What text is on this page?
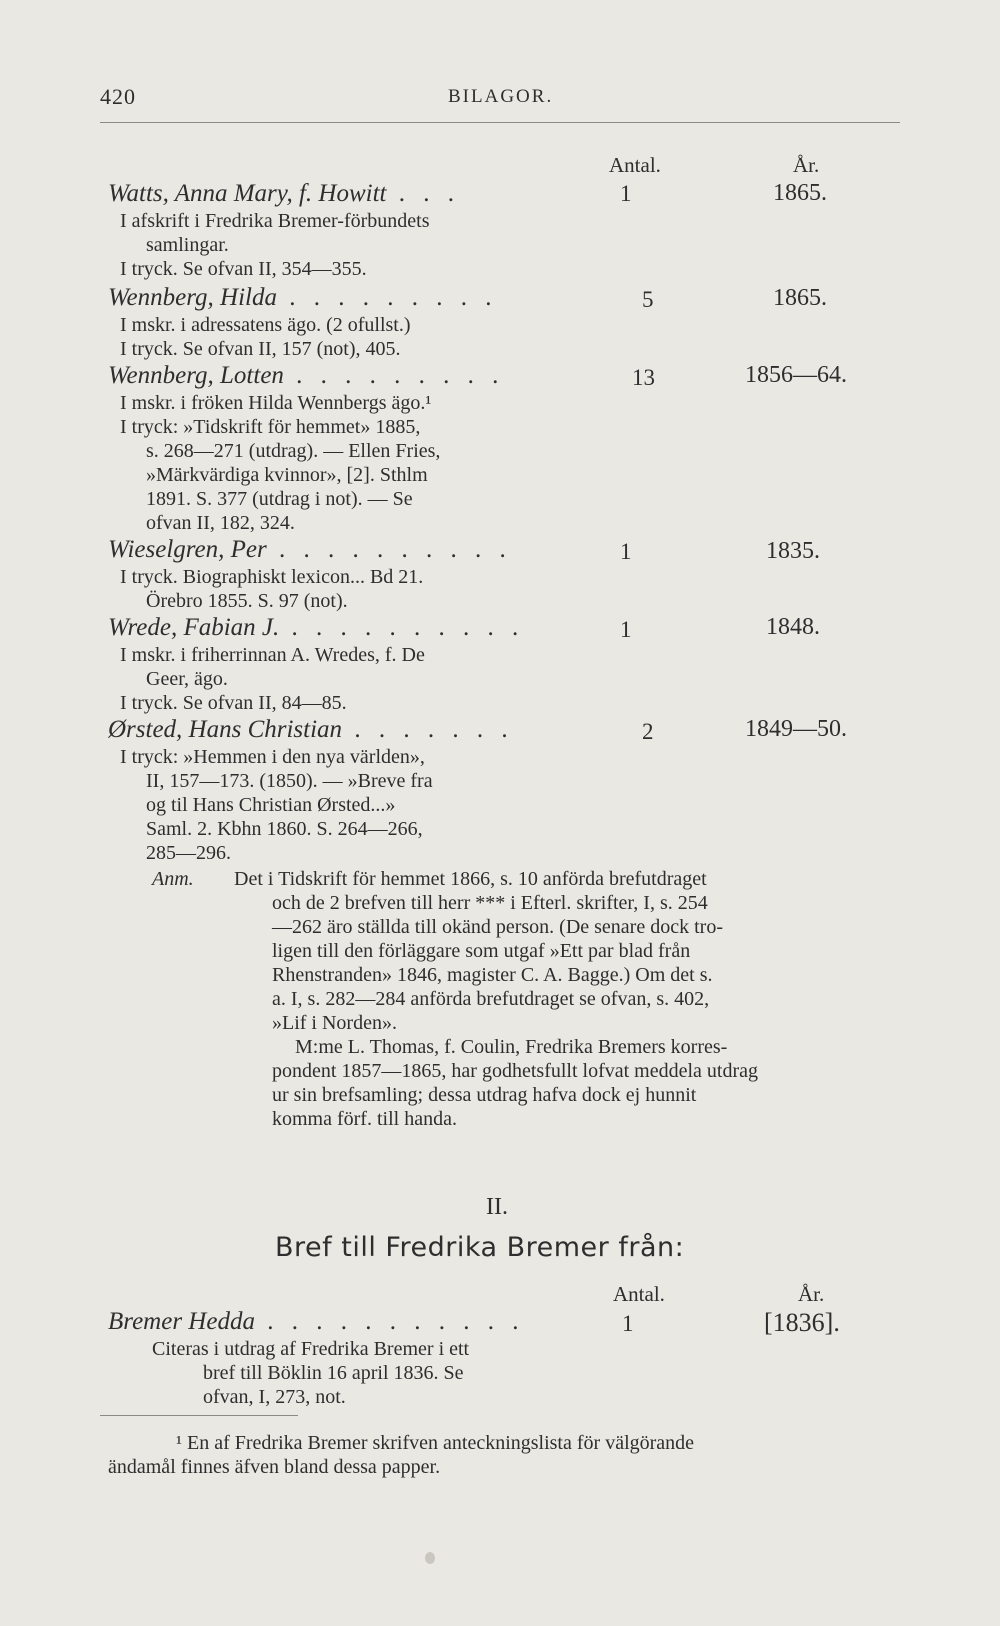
420	BILAGOR.
Antal.	År.
Watts, Anna Mary, f. Howitt . . .	1	1865.
I afskrift i Fredrika Bremer-förbundets
samlingar.
I tryck. Se ofvan II, 354—355.
Wennberg, Hilda . . . . . . . . .	5	1865.
I mskr. i adressatens ägo. (2 ofullst.)
I tryck. Se ofvan II, 157 (not), 405.
Wennberg, Lotten . . . . . . . . .	13	1856—64.
I mskr. i fröken Hilda Wennbergs ägo.¹
I tryck: »Tidskrift för hemmet» 1885,
s. 268—271 (utdrag). — Ellen Fries,
»Märkvärdiga kvinnor», [2]. Sthlm
1891. S. 377 (utdrag i not). — Se
ofvan II, 182, 324.
Wieselgren, Per . . . . . . . . . .	1	1835.
I tryck. Biographiskt lexicon... Bd 21.
Örebro 1855. S. 97 (not).
Wrede, Fabian J. . . . . . . . . . .	1	1848.
I mskr. i friherrinnan A. Wredes, f. De
Geer, ägo.
I tryck. Se ofvan II, 84—85.
Ørsted, Hans Christian . . . . . . .	2	1849—50.
I tryck: »Hemmen i den nya världen»,
II, 157—173. (1850). — »Breve fra
og til Hans Christian Ørsted...»
Saml. 2. Kbhn 1860. S. 264—266,
285—296.
Anm. Det i Tidskrift för hemmet 1866, s. 10 anförda brefutdraget
och de 2 brefven till herr *** i Efterl. skrifter, I, s. 254
—262 äro ställda till okänd person. (De senare dock tro-
ligen till den förläggare som utgaf »Ett par blad från
Rhenstranden» 1846, magister C. A. Bagge.) Om det s.
a. I, s. 282—284 anförda brefutdraget se ofvan, s. 402,
»Lif i Norden».
M:me L. Thomas, f. Coulin, Fredrika Bremers korres-
pondent 1857—1865, har godhetsfullt lofvat meddela utdrag
ur sin brefsamling; dessa utdrag hafva dock ej hunnit
komma förf. till handa.
II.
Bref till Fredrika Bremer från:
Antal.	År.
Bremer Hedda . . . . . . . . . . .	1	[1836].
Citeras i utdrag af Fredrika Bremer i ett
bref till Böklin 16 april 1836. Se
ofvan, I, 273, not.
¹ En af Fredrika Bremer skrifven anteckningslista för välgörande
ändamål finnes äfven bland dessa papper.
